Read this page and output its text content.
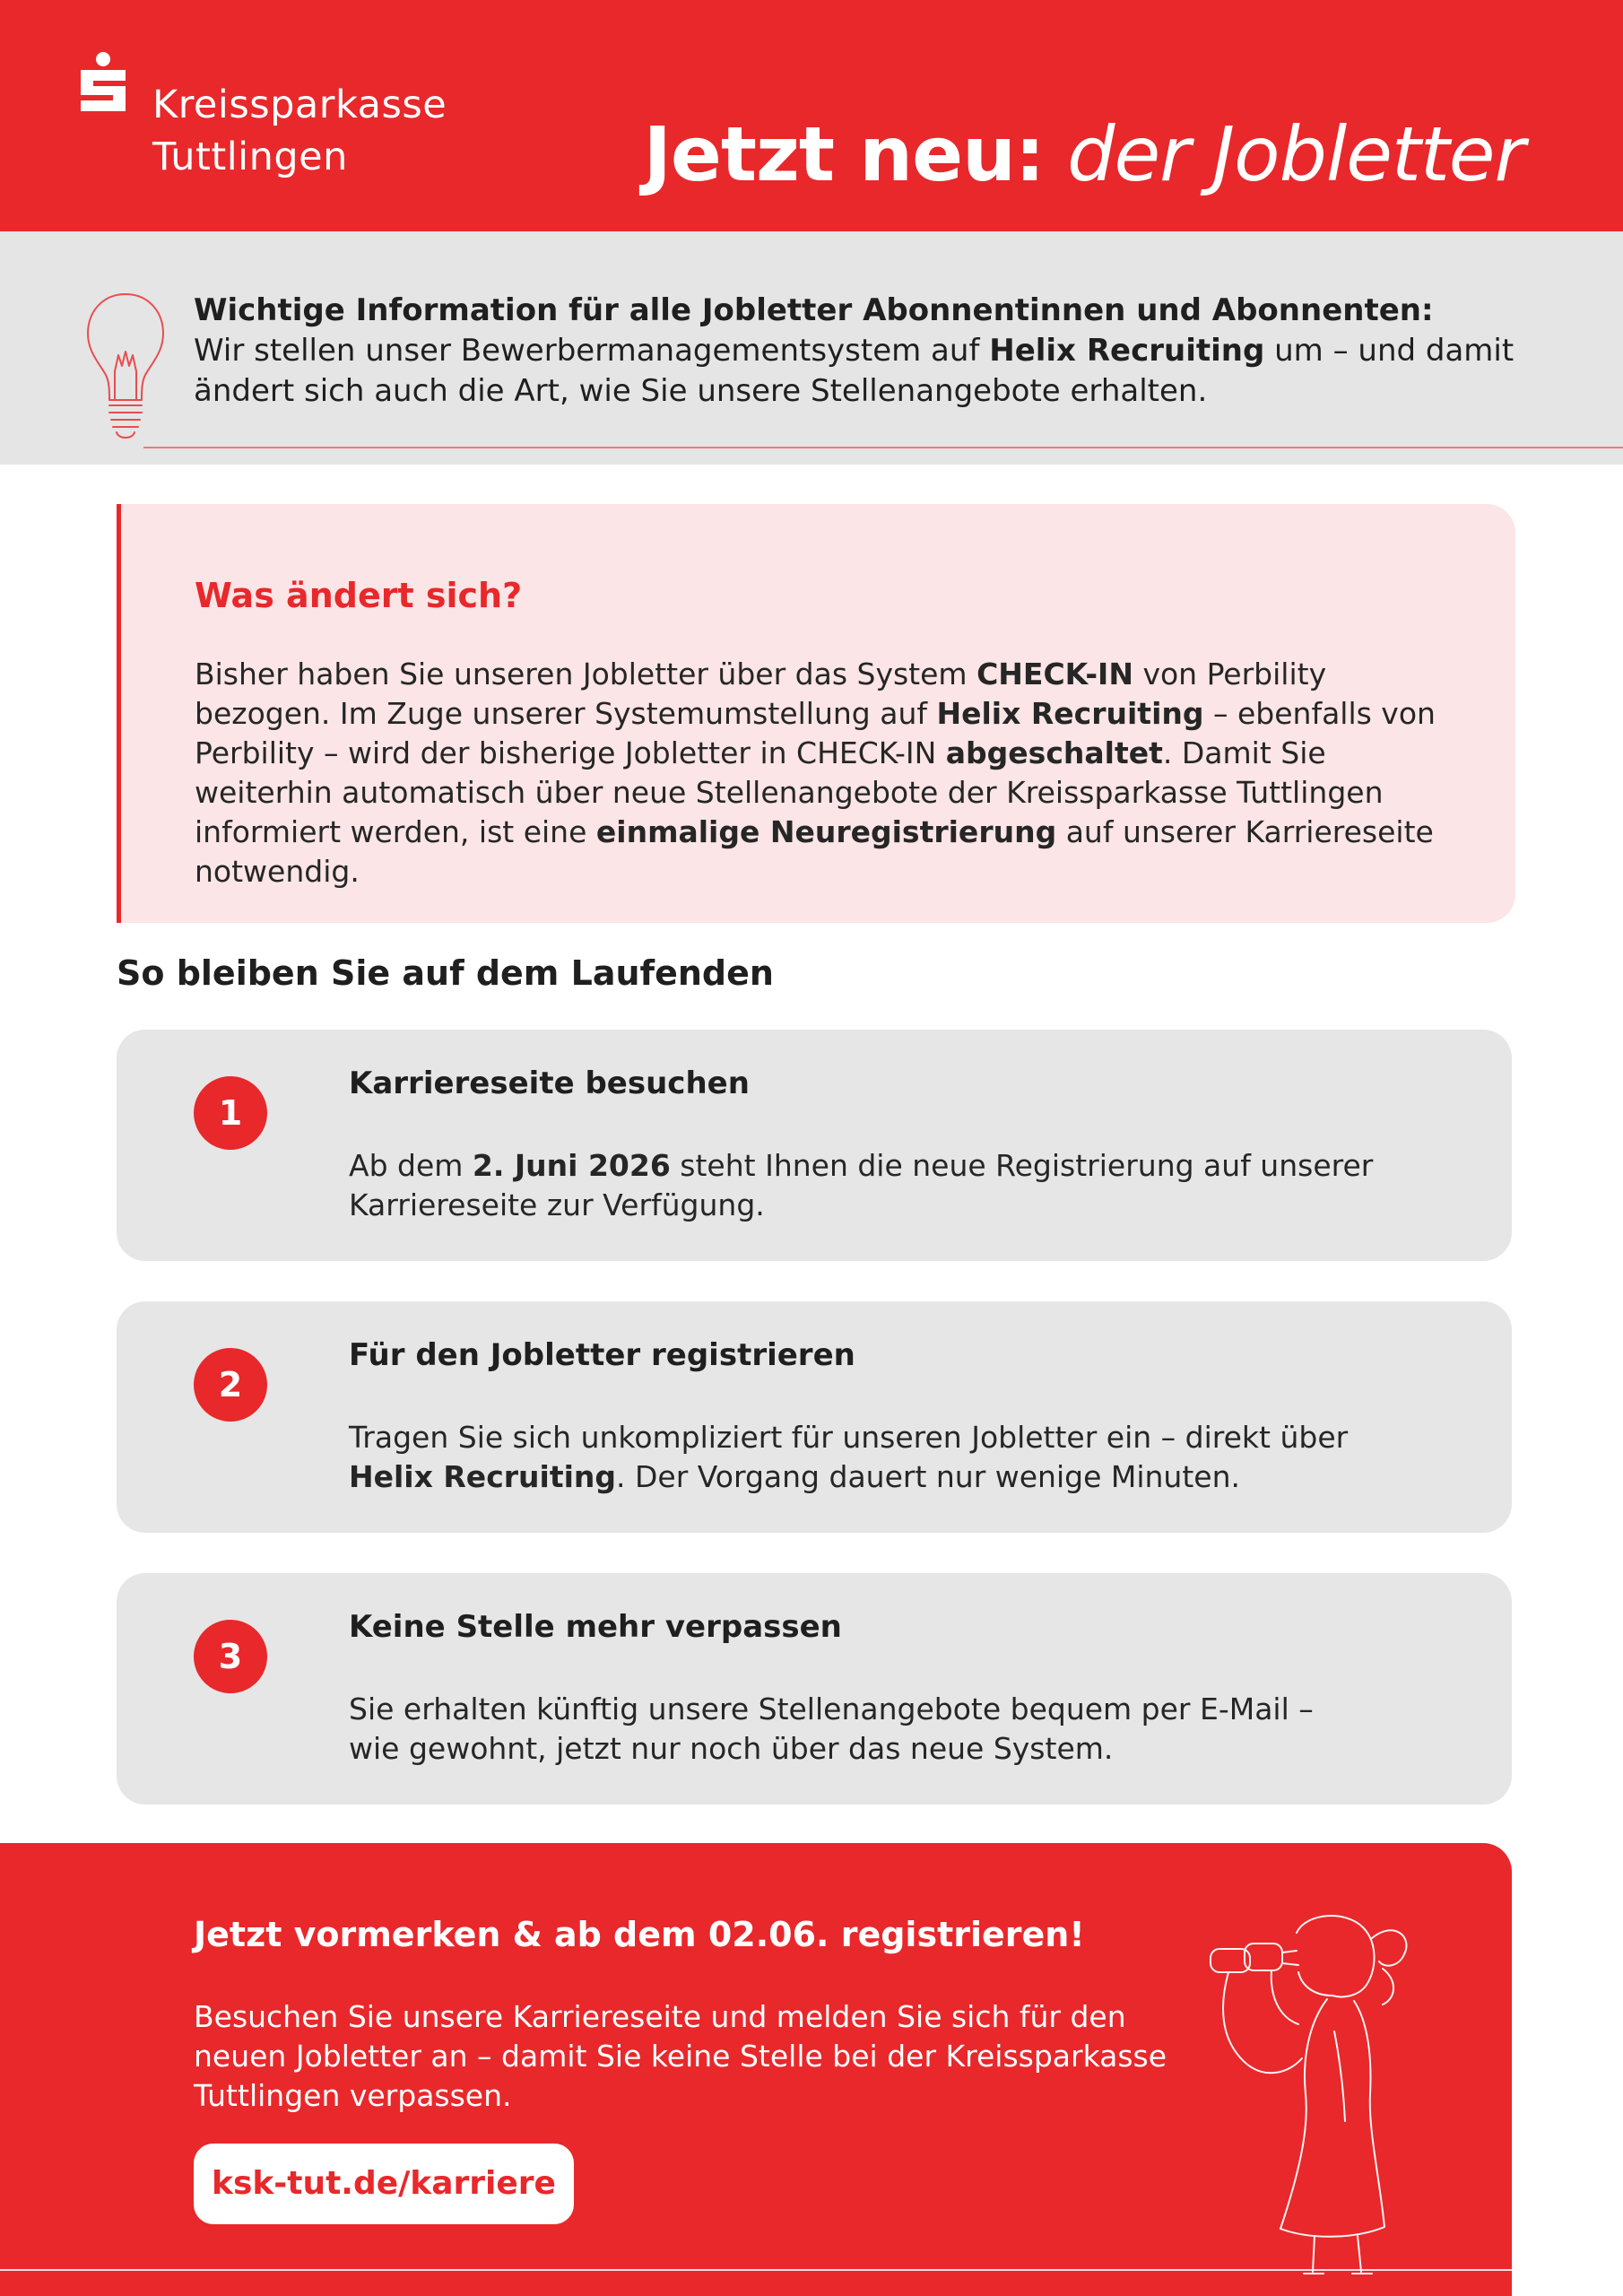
Kreissparkasse
Tuttlingen	Jetzt neu: der Jobletter
Wichtige Information für alle Jobletter Abonnentinnen und Abonnenten:
Wir stellen unser Bewerbermanagementsystem auf Helix Recruiting um – und damit ändert sich auch die Art, wie Sie unsere Stellenangebote erhalten.
Was ändert sich?

Bisher haben Sie unseren Jobletter über das System CHECK-IN von Perbility bezogen. Im Zuge unserer Systemumstellung auf Helix Recruiting – ebenfalls von Perbility – wird der bisherige Jobletter in CHECK-IN abgeschaltet. Damit Sie weiterhin automatisch über neue Stellenangebote der Kreissparkasse Tuttlingen informiert werden, ist eine einmalige Neuregistrierung auf unserer Karriereseite notwendig.

So bleiben Sie auf dem Laufenden
1
Karriereseite besuchen
Ab dem 2. Juni 2026 steht Ihnen die neue Registrierung auf unserer Karriereseite zur Verfügung.
2
Für den Jobletter registrieren
Tragen Sie sich unkompliziert für unseren Jobletter ein – direkt über Helix Recruiting. Der Vorgang dauert nur wenige Minuten.
3
Keine Stelle mehr verpassen
Sie erhalten künftig unsere Stellenangebote bequem per E-Mail –
wie gewohnt, jetzt nur noch über das neue System.
Jetzt vormerken & ab dem 02.06. registrieren!

Besuchen Sie unsere Karriereseite und melden Sie sich für den neuen Jobletter an – damit Sie keine Stelle bei der Kreissparkasse Tuttlingen verpassen.

ksk-tut.de/karriere
